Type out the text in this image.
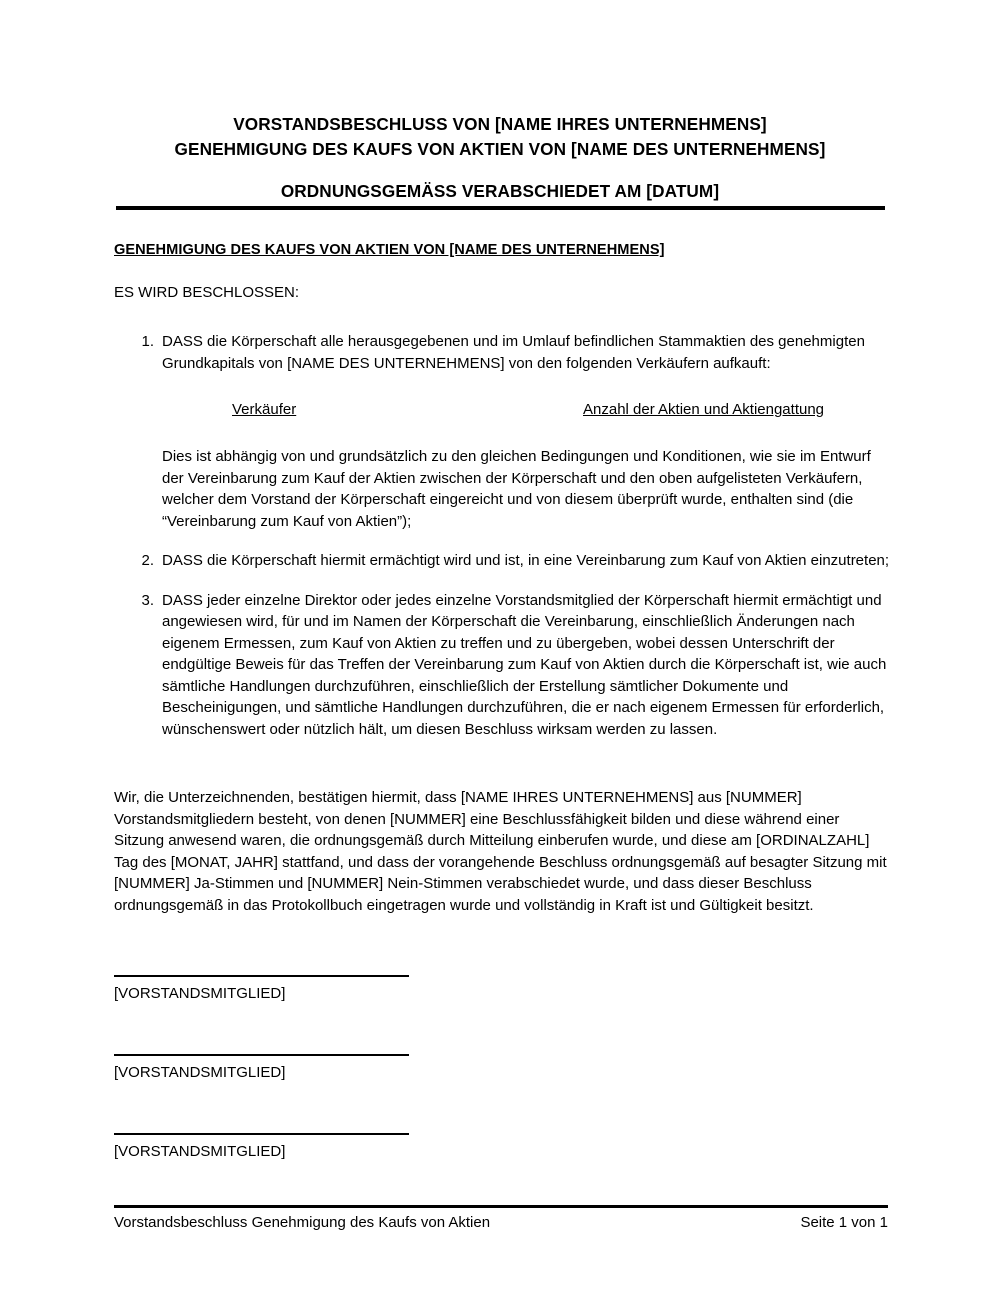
VORSTANDSBESCHLUSS VON [NAME IHRES UNTERNEHMENS]
GENEHMIGUNG DES KAUFS VON AKTIEN VON [NAME DES UNTERNEHMENS]
ORDNUNGSGEMÄSS VERABSCHIEDET AM [DATUM]
GENEHMIGUNG DES KAUFS VON AKTIEN VON [NAME DES UNTERNEHMENS]
ES WIRD BESCHLOSSEN:
1. DASS die Körperschaft alle herausgegebenen und im Umlauf befindlichen Stammaktien des genehmigten Grundkapitals von [NAME DES UNTERNEHMENS] von den folgenden Verkäufern aufkauft:
Verkäufer	Anzahl der Aktien und Aktiengattung
Dies ist abhängig von und grundsätzlich zu den gleichen Bedingungen und Konditionen, wie sie im Entwurf der Vereinbarung zum Kauf der Aktien zwischen der Körperschaft und den oben aufgelisteten Verkäufern, welcher dem Vorstand der Körperschaft eingereicht und von diesem überprüft wurde, enthalten sind (die “Vereinbarung zum Kauf von Aktien”);
2. DASS die Körperschaft hiermit ermächtigt wird und ist, in eine Vereinbarung zum Kauf von Aktien einzutreten;
3. DASS jeder einzelne Direktor oder jedes einzelne Vorstandsmitglied der Körperschaft hiermit ermächtigt und angewiesen wird, für und im Namen der Körperschaft die Vereinbarung, einschließlich Änderungen nach eigenem Ermessen, zum Kauf von Aktien zu treffen und zu übergeben, wobei dessen Unterschrift der endgültige Beweis für das Treffen der Vereinbarung zum Kauf von Aktien durch die Körperschaft ist, wie auch sämtliche Handlungen durchzuführen, einschließlich der Erstellung sämtlicher Dokumente und Bescheinigungen, und sämtliche Handlungen durchzuführen, die er nach eigenem Ermessen für erforderlich, wünschenswert oder nützlich hält, um diesen Beschluss wirksam werden zu lassen.
Wir, die Unterzeichnenden, bestätigen hiermit, dass [NAME IHRES UNTERNEHMENS] aus [NUMMER] Vorstandsmitgliedern besteht, von denen [NUMMER] eine Beschlussfähigkeit bilden und diese während einer Sitzung anwesend waren, die ordnungsgemäß durch Mitteilung einberufen wurde, und diese am [ORDINALZAHL] Tag des [MONAT, JAHR] stattfand, und dass der vorangehende Beschluss ordnungsgemäß auf besagter Sitzung mit [NUMMER] Ja-Stimmen und [NUMMER] Nein-Stimmen verabschiedet wurde, und dass dieser Beschluss ordnungsgemäß in das Protokollbuch eingetragen wurde und vollständig in Kraft ist und Gültigkeit besitzt.
[VORSTANDSMITGLIED]
[VORSTANDSMITGLIED]
[VORSTANDSMITGLIED]
Vorstandsbeschluss Genehmigung des Kaufs von Aktien	Seite 1 von 1
